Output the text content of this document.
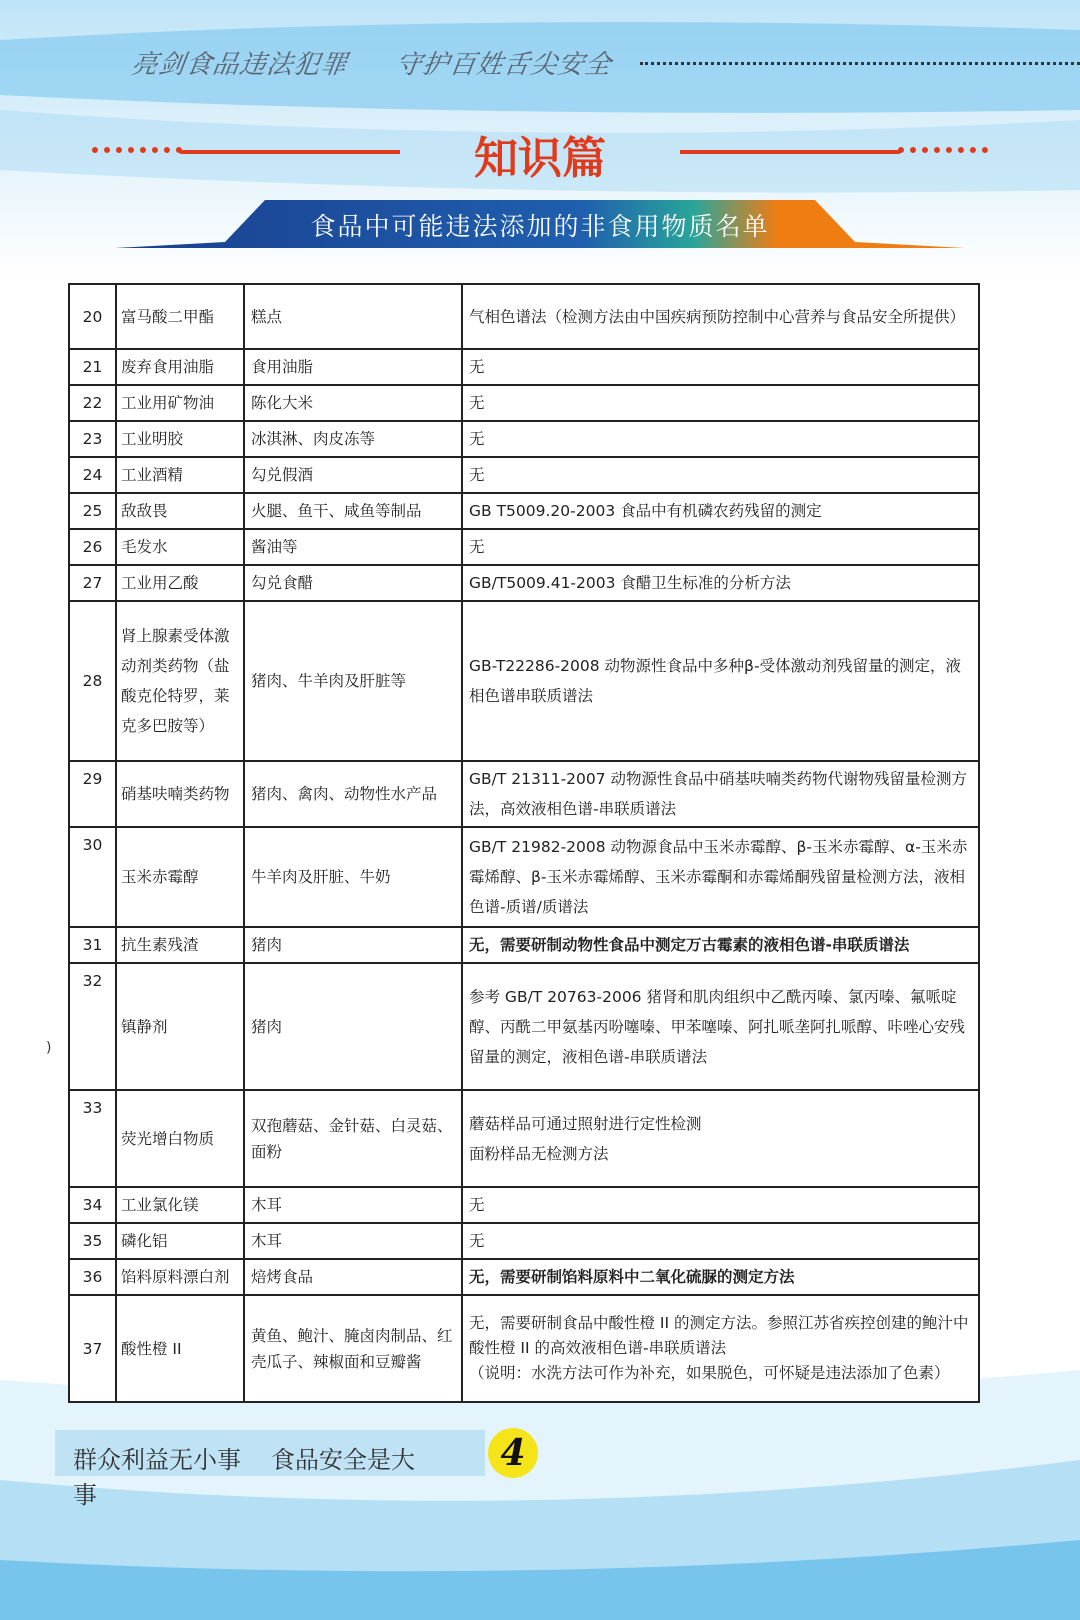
亮剑食品违法犯罪 守护百姓舌尖安全
知识篇
食品中可能违法添加的非食用物质名单
20	富马酸二甲酯	糕点	气相色谱法（检测方法由中国疾病预防控制中心营养与食品安全所提供）
21	废弃食用油脂	食用油脂	无
22	工业用矿物油	陈化大米	无
23	工业明胶	冰淇淋、肉皮冻等	无
24	工业酒精	勾兑假酒	无
25	敌敌畏	火腿、鱼干、咸鱼等制品	GB T5009.20-2003 食品中有机磷农药残留的测定
26	毛发水	酱油等	无
27	工业用乙酸	勾兑食醋	GB/T5009.41-2003 食醋卫生标准的分析方法
28	肾上腺素受体激动剂类药物（盐酸克伦特罗，莱克多巴胺等）	猪肉、牛羊肉及肝脏等	GB-T22286-2008 动物源性食品中多种β-受体激动剂残留量的测定，液相色谱串联质谱法
29	硝基呋喃类药物	猪肉、禽肉、动物性水产品	GB/T 21311-2007 动物源性食品中硝基呋喃类药物代谢物残留量检测方法，高效液相色谱-串联质谱法
30	玉米赤霉醇	牛羊肉及肝脏、牛奶	GB/T 21982-2008 动物源食品中玉米赤霉醇、β-玉米赤霉醇、α-玉米赤霉烯醇、β-玉米赤霉烯醇、玉米赤霉酮和赤霉烯酮残留量检测方法，液相色谱-质谱/质谱法
31	抗生素残渣	猪肉	无，需要研制动物性食品中测定万古霉素的液相色谱-串联质谱法
32	镇静剂	猪肉	参考 GB/T 20763-2006 猪肾和肌肉组织中乙酰丙嗪、氯丙嗪、氟哌啶醇、丙酰二甲氨基丙吩噻嗪、甲苯噻嗪、阿扎哌垄阿扎哌醇、咔唑心安残留量的测定，液相色谱-串联质谱法
33	荧光增白物质	双孢蘑菇、金针菇、白灵菇、面粉	蘑菇样品可通过照射进行定性检测
面粉样品无检测方法
34	工业氯化镁	木耳	无
35	磷化铝	木耳	无
36	馅料原料漂白剂	焙烤食品	无，需要研制馅料原料中二氧化硫脲的测定方法
37	酸性橙 II	黄鱼、鲍汁、腌卤肉制品、红壳瓜子、辣椒面和豆瓣酱	无，需要研制食品中酸性橙 II 的测定方法。参照江苏省疾控创建的鲍汁中酸性橙 II 的高效液相色谱-串联质谱法
（说明：水洗方法可作为补充，如果脱色，可怀疑是违法添加了色素）
)
群众利益无小事 食品安全是大事
4
